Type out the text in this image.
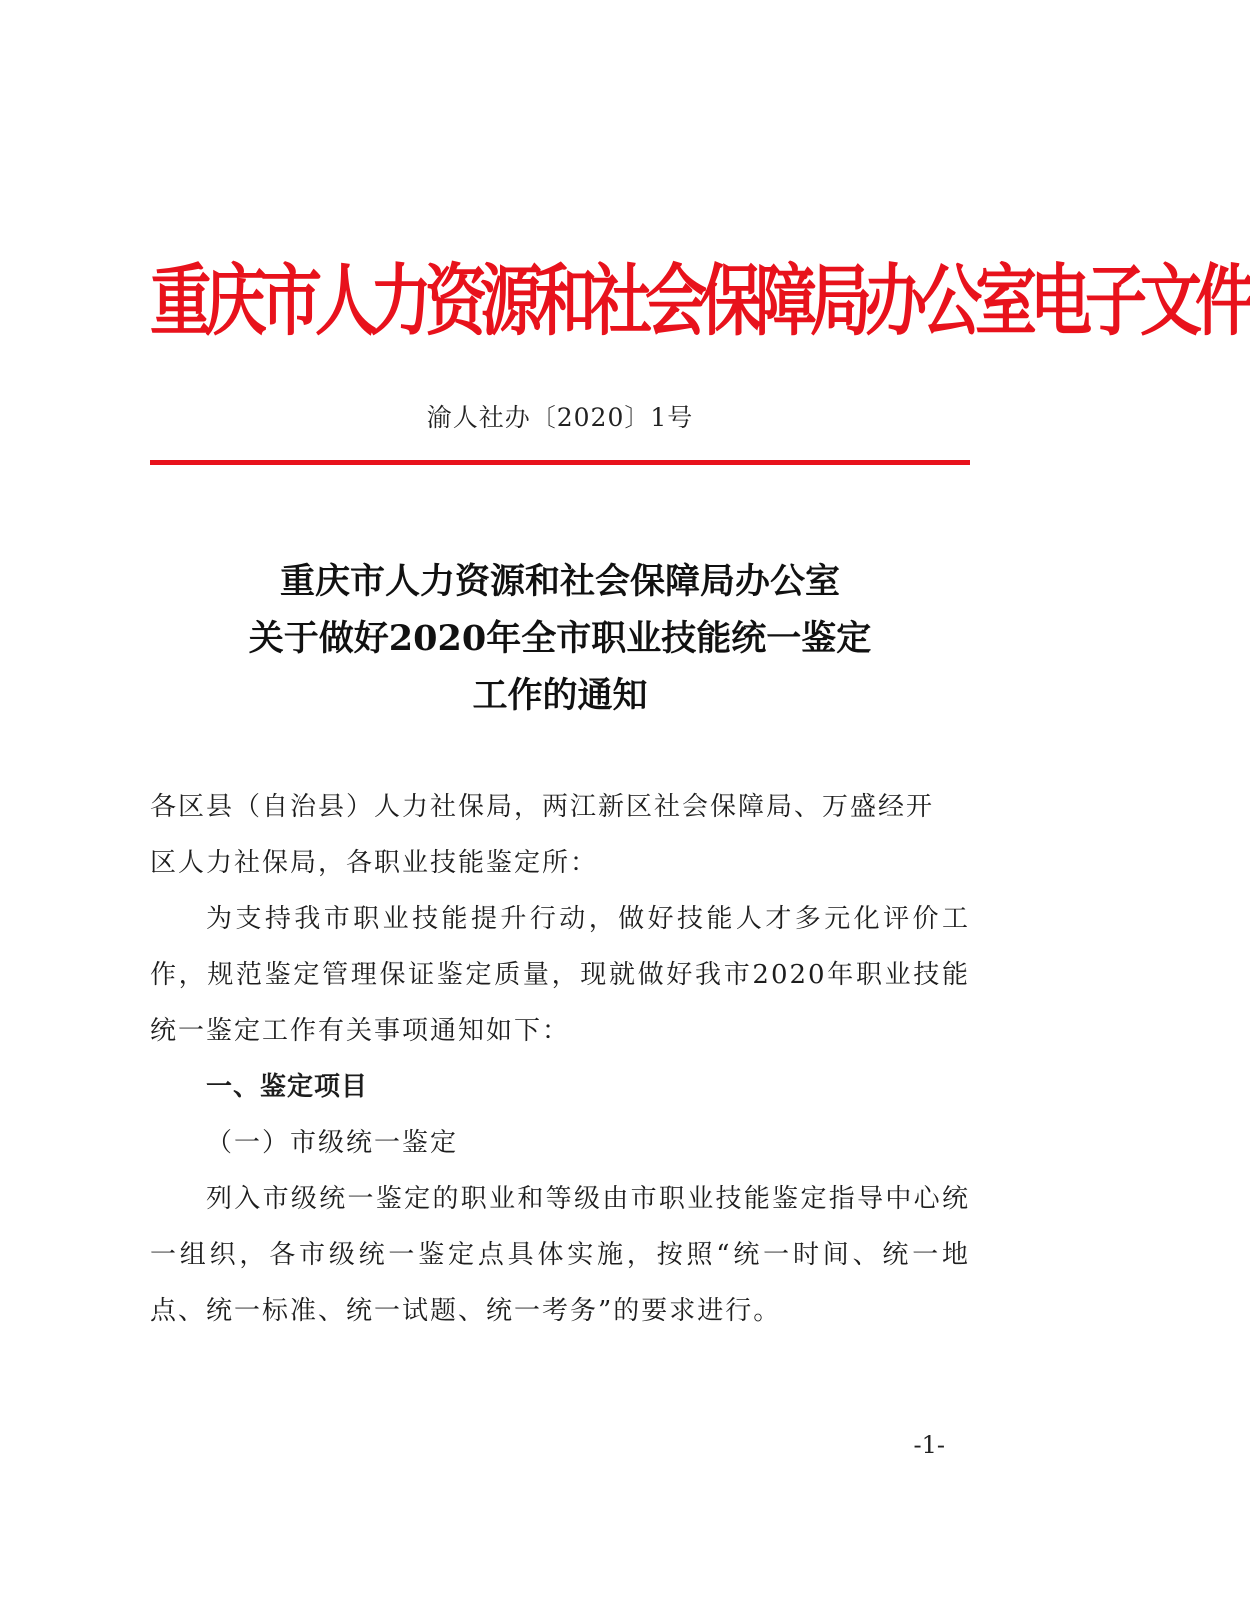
重庆市人力资源和社会保障局办公室电子文件
渝人社办〔2020〕1号
重庆市人力资源和社会保障局办公室
关于做好2020年全市职业技能统一鉴定
工作的通知

各区县（自治县）人力社保局，两江新区社会保障局、万盛经开

区人力社保局，各职业技能鉴定所：

为支持我市职业技能提升行动，做好技能人才多元化评价工作，规范鉴定管理保证鉴定质量，现就做好我市2020年职业技能统一鉴定工作有关事项通知如下：

一、鉴定项目

（一）市级统一鉴定

列入市级统一鉴定的职业和等级由市职业技能鉴定指导中心统一组织，各市级统一鉴定点具体实施，按照“统一时间、统一地点、统一标准、统一试题、统一考务”的要求进行。

-1-
